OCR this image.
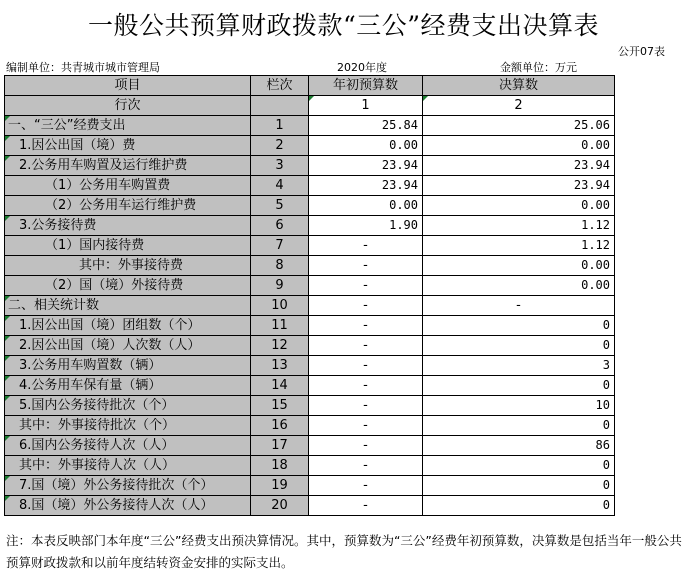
一般公共预算财政拨款“三公”经费支出决算表
公开07表
编制单位：共青城市城市管理局	2020年度	金额单位：万元
项目	栏次	年初预算数	决算数
行次		1	2
一、“三公”经费支出	1	25.84	25.06
1.因公出国（境）费	2	0.00	0.00
2.公务用车购置及运行维护费	3	23.94	23.94
（1）公务用车购置费	4	23.94	23.94
（2）公务用车运行维护费	5	0.00	0.00
3.公务接待费	6	1.90	1.12
（1）国内接待费	7	-	1.12
其中：外事接待费	8	-	0.00
（2）国（境）外接待费	9	-	0.00
二、相关统计数	10	-	-
1.因公出国（境）团组数（个）	11	-	0
2.因公出国（境）人次数（人）	12	-	0
3.公务用车购置数（辆）	13	-	3
4.公务用车保有量（辆）	14	-	0
5.国内公务接待批次（个）	15	-	10
其中：外事接待批次（个）	16	-	0
6.国内公务接待人次（人）	17	-	86
其中：外事接待人次（人）	18	-	0
7.国（境）外公务接待批次（个）	19	-	0
8.国（境）外公务接待人次（人）	20	-	0
注：本表反映部门本年度“三公”经费支出预决算情况。其中，预算数为“三公”经费年初预算数，决算数是包括当年一般公共预算财政拨款和以前年度结转资金安排的实际支出。
